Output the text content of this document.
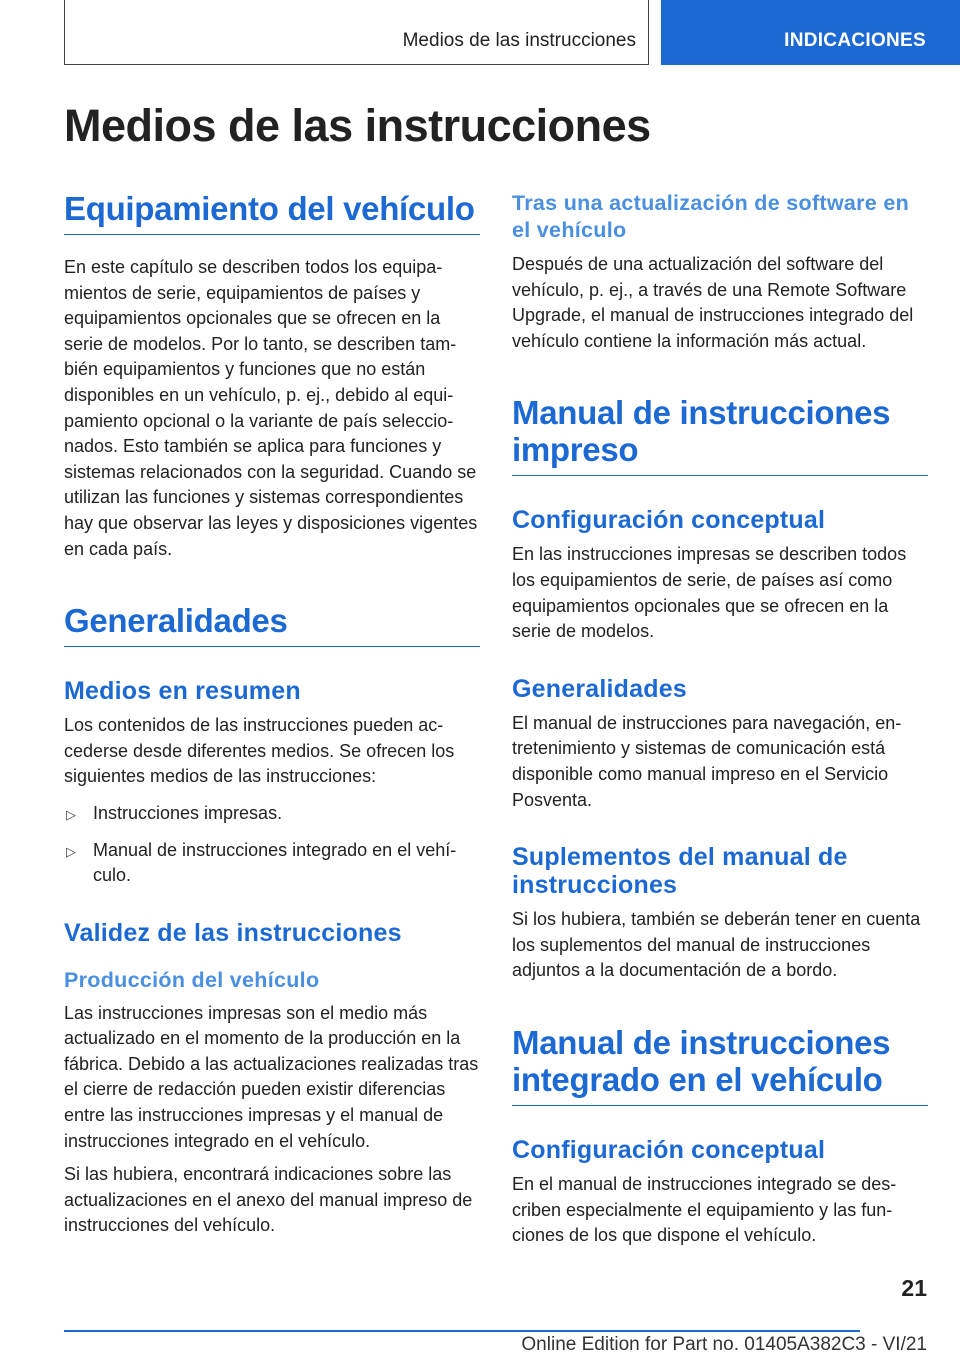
Medios de las instrucciones	INDICACIONES
Medios de las instrucciones
Equipamiento del vehículo

En este capítulo se describen todos los equipamientos de serie, equipamientos de países y equipamientos opcionales que se ofrecen en la serie de modelos. Por lo tanto, se describen también equipamientos y funciones que no están disponibles en un vehículo, p. ej., debido al equipamiento opcional o la variante de país seleccionados. Esto también se aplica para funciones y sistemas relacionados con la seguridad. Cuando se utilizan las funciones y sistemas correspondientes hay que observar las leyes y disposiciones vigentes en cada país.

Generalidades
Medios en resumen

Los contenidos de las instrucciones pueden accederse desde diferentes medios. Se ofrecen los siguientes medios de las instrucciones:

▷ Instrucciones impresas.
▷ Manual de instrucciones integrado en el vehículo.
Validez de las instrucciones
Producción del vehículo

Las instrucciones impresas son el medio más actualizado en el momento de la producción en la fábrica. Debido a las actualizaciones realizadas tras el cierre de redacción pueden existir diferencias entre las instrucciones impresas y el manual de instrucciones integrado en el vehículo.

Si las hubiera, encontrará indicaciones sobre las actualizaciones en el anexo del manual impreso de instrucciones del vehículo.

Tras una actualización de software en el vehículo

Después de una actualización del software del vehículo, p. ej., a través de una Remote Software Upgrade, el manual de instrucciones integrado del vehículo contiene la información más actual.

Manual de instrucciones impreso
Configuración conceptual

En las instrucciones impresas se describen todos los equipamientos de serie, de países así como equipamientos opcionales que se ofrecen en la serie de modelos.

Generalidades

El manual de instrucciones para navegación, entretenimiento y sistemas de comunicación está disponible como manual impreso en el Servicio Posventa.

Suplementos del manual de instrucciones

Si los hubiera, también se deberán tener en cuenta los suplementos del manual de instrucciones adjuntos a la documentación de a bordo.

Manual de instrucciones integrado en el vehículo
Configuración conceptual

En el manual de instrucciones integrado se describen especialmente el equipamiento y las funciones de los que dispone el vehículo.

21
Online Edition for Part no. 01405A382C3 - VI/21
